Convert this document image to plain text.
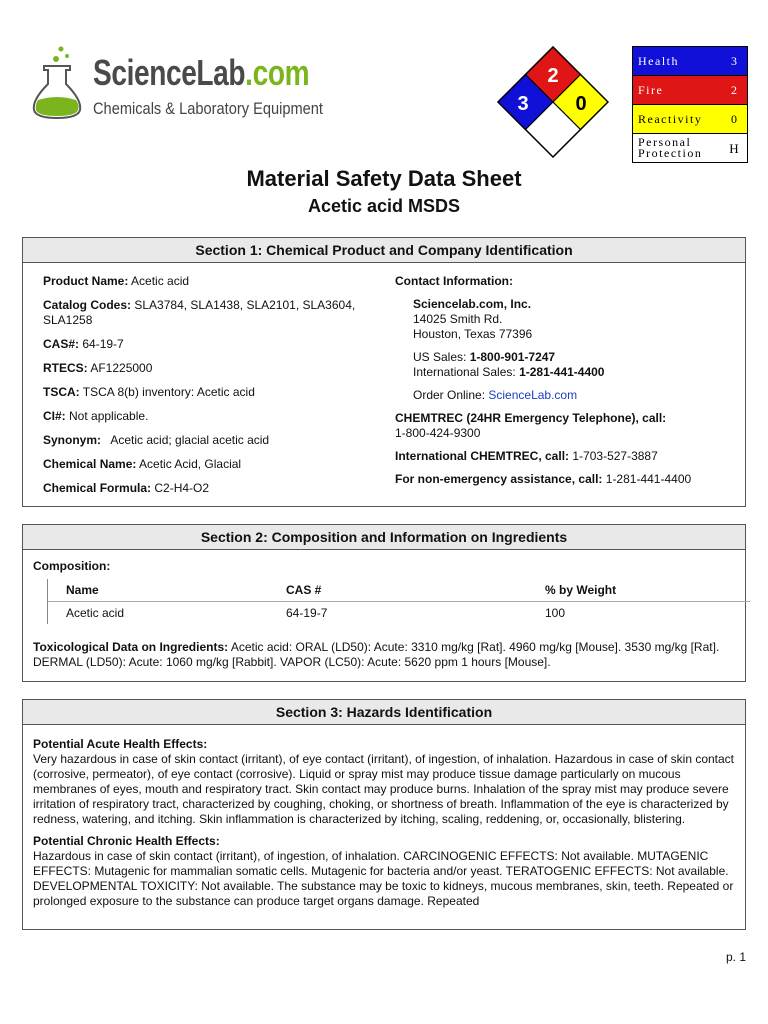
ScienceLab.com
Chemicals & Laboratory Equipment	3
2
0
Health	3
Fire	2
Reactivity	0
Personal
Protection	H
Material Safety Data Sheet
Acetic acid MSDS
Section 1: Chemical Product and Company Identification
Product Name: Acetic acid
Catalog Codes: SLA3784, SLA1438, SLA2101, SLA3604, SLA1258
CAS#: 64-19-7
RTECS: AF1225000
TSCA: TSCA 8(b) inventory: Acetic acid
CI#: Not applicable.
Synonym: Acetic acid; glacial acetic acid
Chemical Name: Acetic Acid, Glacial
Chemical Formula: C2-H4-O2
Contact Information:
Sciencelab.com, Inc.
14025 Smith Rd.
Houston, Texas 77396
US Sales: 1-800-901-7247
International Sales: 1-281-441-4400
Order Online: ScienceLab.com
CHEMTREC (24HR Emergency Telephone), call:
1-800-424-9300
International CHEMTREC, call: 1-703-527-3887
For non-emergency assistance, call: 1-281-441-4400
Section 2: Composition and Information on Ingredients
Composition:
Name	CAS #	% by Weight
Acetic acid	64-19-7	100
Toxicological Data on Ingredients: Acetic acid: ORAL (LD50): Acute: 3310 mg/kg [Rat]. 4960 mg/kg [Mouse]. 3530 mg/kg [Rat]. DERMAL (LD50): Acute: 1060 mg/kg [Rabbit]. VAPOR (LC50): Acute: 5620 ppm 1 hours [Mouse].
Section 3: Hazards Identification

Potential Acute Health Effects:
Very hazardous in case of skin contact (irritant), of eye contact (irritant), of ingestion, of inhalation. Hazardous in case of skin contact (corrosive, permeator), of eye contact (corrosive). Liquid or spray mist may produce tissue damage particularly on mucous membranes of eyes, mouth and respiratory tract. Skin contact may produce burns. Inhalation of the spray mist may produce severe irritation of respiratory tract, characterized by coughing, choking, or shortness of breath. Inflammation of the eye is characterized by redness, watering, and itching. Skin inflammation is characterized by itching, scaling, reddening, or, occasionally, blistering.

Potential Chronic Health Effects:
Hazardous in case of skin contact (irritant), of ingestion, of inhalation. CARCINOGENIC EFFECTS: Not available. MUTAGENIC EFFECTS: Mutagenic for mammalian somatic cells. Mutagenic for bacteria and/or yeast. TERATOGENIC EFFECTS: Not available. DEVELOPMENTAL TOXICITY: Not available. The substance may be toxic to kidneys, mucous membranes, skin, teeth. Repeated or prolonged exposure to the substance can produce target organs damage. Repeated

p. 1
